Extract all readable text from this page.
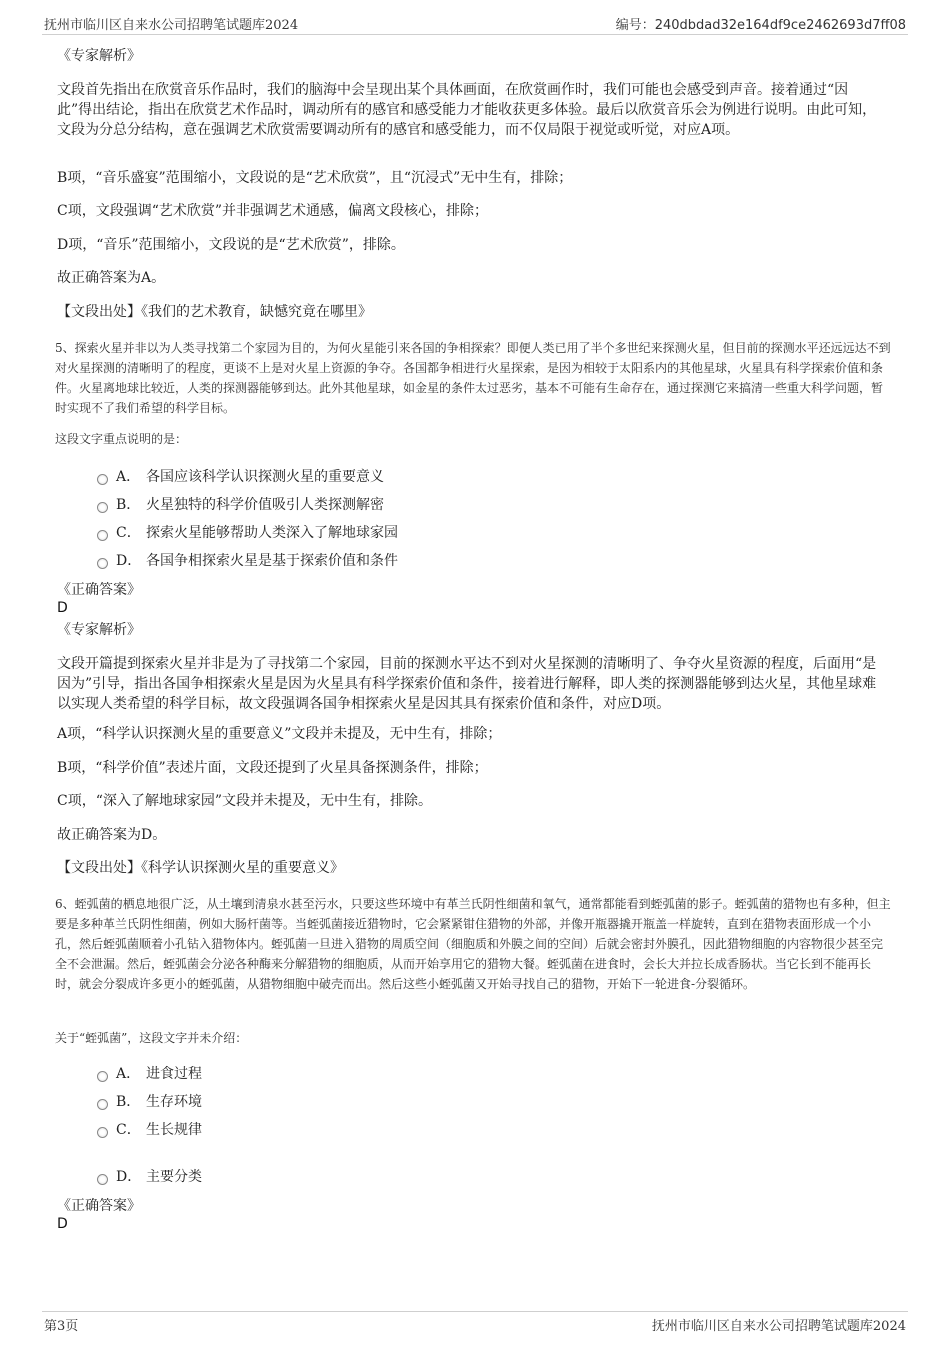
抚州市临川区自来水公司招聘笔试题库2024	编号：240dbdad32e164df9ce2462693d7ff08
《专家解析》
文段首先指出在欣赏音乐作品时，我们的脑海中会呈现出某个具体画面，在欣赏画作时，我们可能也会感受到声音。接着通过“因此”得出结论，指出在欣赏艺术作品时，调动所有的感官和感受能力才能收获更多体验。最后以欣赏音乐会为例进行说明。由此可知，文段为分总分结构，意在强调艺术欣赏需要调动所有的感官和感受能力，而不仅局限于视觉或听觉，对应A项。
B项，“音乐盛宴”范围缩小，文段说的是“艺术欣赏”，且“沉浸式”无中生有，排除；
C项，文段强调“艺术欣赏”并非强调艺术通感，偏离文段核心，排除；
D项，“音乐”范围缩小，文段说的是“艺术欣赏”，排除。
故正确答案为A。
【文段出处】《我们的艺术教育，缺憾究竟在哪里》
5、探索火星并非以为人类寻找第二个家园为目的，为何火星能引来各国的争相探索？即便人类已用了半个多世纪来探测火星，但目前的探测水平还远远达不到对火星探测的清晰明了的程度，更谈不上是对火星上资源的争夺。各国都争相进行火星探索，是因为相较于太阳系内的其他星球，火星具有科学探索价值和条件。火星离地球比较近，人类的探测器能够到达。此外其他星球，如金星的条件太过恶劣，基本不可能有生命存在，通过探测它来搞清一些重大科学问题，暂时实现不了我们希望的科学目标。
这段文字重点说明的是：
A． 各国应该科学认识探测火星的重要意义
B． 火星独特的科学价值吸引人类探测解密
C． 探索火星能够帮助人类深入了解地球家园
D． 各国争相探索火星是基于探索价值和条件
《正确答案》
D
《专家解析》
文段开篇提到探索火星并非是为了寻找第二个家园，目前的探测水平达不到对火星探测的清晰明了、争夺火星资源的程度，后面用“是因为”引导，指出各国争相探索火星是因为火星具有科学探索价值和条件，接着进行解释，即人类的探测器能够到达火星，其他星球难以实现人类希望的科学目标，故文段强调各国争相探索火星是因其具有探索价值和条件，对应D项。
A项，“科学认识探测火星的重要意义”文段并未提及，无中生有，排除；
B项，“科学价值”表述片面，文段还提到了火星具备探测条件，排除；
C项，“深入了解地球家园”文段并未提及，无中生有，排除。
故正确答案为D。
【文段出处】《科学认识探测火星的重要意义》
6、蛭弧菌的栖息地很广泛，从土壤到清泉水甚至污水，只要这些环境中有革兰氏阴性细菌和氧气，通常都能看到蛭弧菌的影子。蛭弧菌的猎物也有多种，但主要是多种革兰氏阴性细菌，例如大肠杆菌等。当蛭弧菌接近猎物时，它会紧紧钳住猎物的外部，并像开瓶器撬开瓶盖一样旋转，直到在猎物表面形成一个小孔，然后蛭弧菌顺着小孔钻入猎物体内。蛭弧菌一旦进入猎物的周质空间（细胞质和外膜之间的空间）后就会密封外膜孔，因此猎物细胞的内容物很少甚至完全不会泄漏。然后，蛭弧菌会分泌各种酶来分解猎物的细胞质，从而开始享用它的猎物大餐。蛭弧菌在进食时，会长大并拉长成香肠状。当它长到不能再长时，就会分裂成许多更小的蛭弧菌，从猎物细胞中破壳而出。然后这些小蛭弧菌又开始寻找自己的猎物，开始下一轮进食-分裂循环。
关于“蛭弧菌”，这段文字并未介绍：
A． 进食过程
B． 生存环境
C． 生长规律
D． 主要分类
《正确答案》
D
第3页	抚州市临川区自来水公司招聘笔试题库2024
